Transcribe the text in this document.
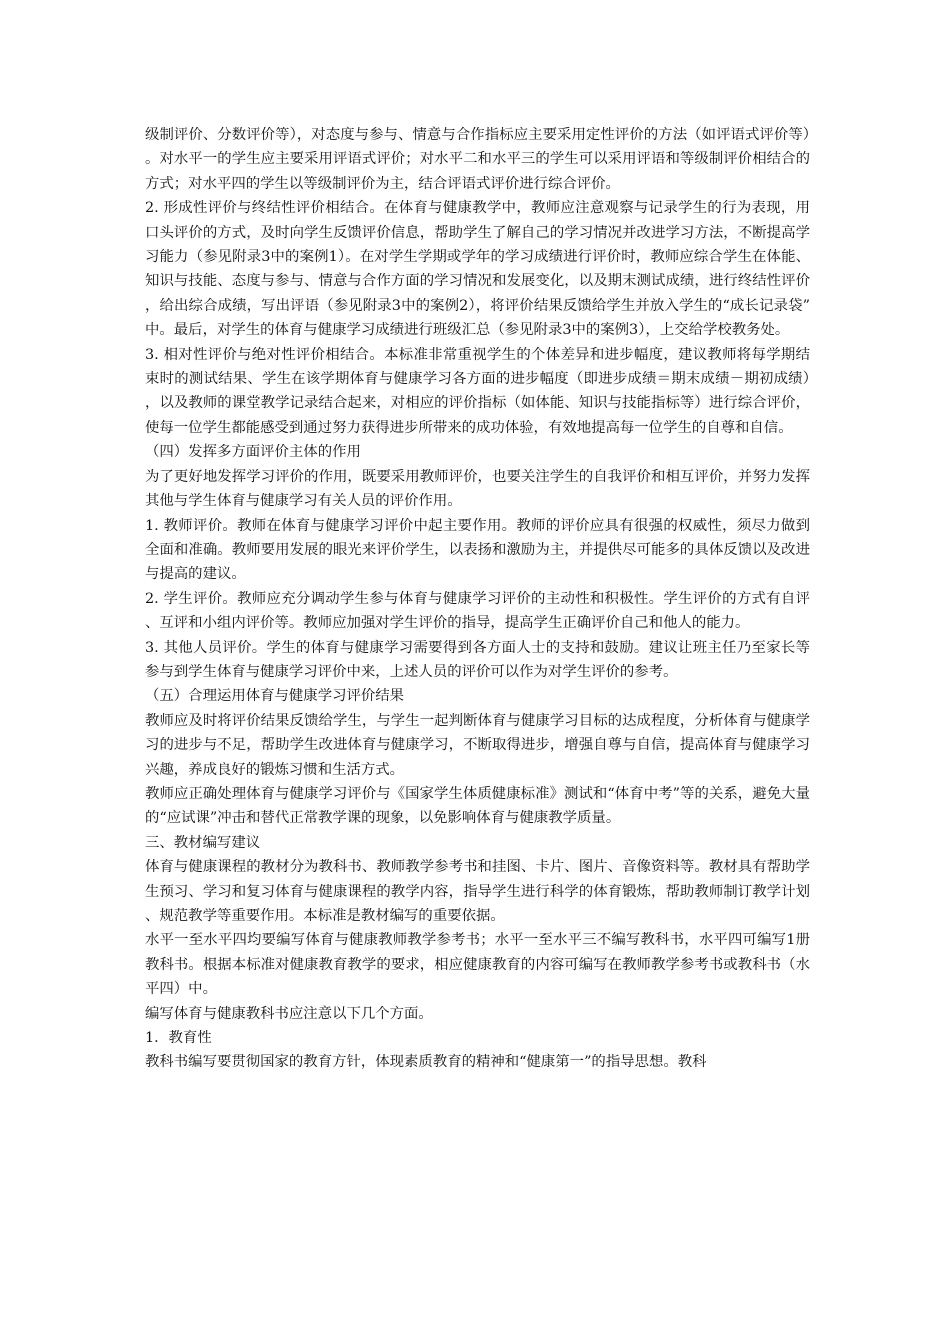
级制评价、分数评价等），对态度与参与、情意与合作指标应主要采用定性评价的方法（如评语式评价等）。对水平一的学生应主要采用评语式评价；对水平二和水平三的学生可以采用评语和等级制评价相结合的方式；对水平四的学生以等级制评价为主，结合评语式评价进行综合评价。

2. 形成性评价与终结性评价相结合。在体育与健康教学中，教师应注意观察与记录学生的行为表现，用口头评价的方式，及时向学生反馈评价信息，帮助学生了解自己的学习情况并改进学习方法，不断提高学习能力（参见附录3中的案例1）。在对学生学期或学年的学习成绩进行评价时，教师应综合学生在体能、知识与技能、态度与参与、情意与合作方面的学习情况和发展变化，以及期末测试成绩，进行终结性评价，给出综合成绩，写出评语（参见附录3中的案例2），将评价结果反馈给学生并放入学生的“成长记录袋”中。最后，对学生的体育与健康学习成绩进行班级汇总（参见附录3中的案例3），上交给学校教务处。

3. 相对性评价与绝对性评价相结合。本标准非常重视学生的个体差异和进步幅度，建议教师将每学期结束时的测试结果、学生在该学期体育与健康学习各方面的进步幅度（即进步成绩＝期末成绩－期初成绩），以及教师的课堂教学记录结合起来，对相应的评价指标（如体能、知识与技能指标等）进行综合评价，使每一位学生都能感受到通过努力获得进步所带来的成功体验，有效地提高每一位学生的自尊和自信。

（四）发挥多方面评价主体的作用

为了更好地发挥学习评价的作用，既要采用教师评价，也要关注学生的自我评价和相互评价，并努力发挥其他与学生体育与健康学习有关人员的评价作用。

1. 教师评价。教师在体育与健康学习评价中起主要作用。教师的评价应具有很强的权威性，须尽力做到全面和准确。教师要用发展的眼光来评价学生，以表扬和激励为主，并提供尽可能多的具体反馈以及改进与提高的建议。

2. 学生评价。教师应充分调动学生参与体育与健康学习评价的主动性和积极性。学生评价的方式有自评、互评和小组内评价等。教师应加强对学生评价的指导，提高学生正确评价自己和他人的能力。

3. 其他人员评价。学生的体育与健康学习需要得到各方面人士的支持和鼓励。建议让班主任乃至家长等参与到学生体育与健康学习评价中来，上述人员的评价可以作为对学生评价的参考。

（五）合理运用体育与健康学习评价结果

教师应及时将评价结果反馈给学生，与学生一起判断体育与健康学习目标的达成程度，分析体育与健康学习的进步与不足，帮助学生改进体育与健康学习，不断取得进步，增强自尊与自信，提高体育与健康学习兴趣，养成良好的锻炼习惯和生活方式。

教师应正确处理体育与健康学习评价与《国家学生体质健康标准》测试和“体育中考”等的关系，避免大量的“应试课”冲击和替代正常教学课的现象，以免影响体育与健康教学质量。

三、教材编写建议

体育与健康课程的教材分为教科书、教师教学参考书和挂图、卡片、图片、音像资料等。教材具有帮助学生预习、学习和复习体育与健康课程的教学内容，指导学生进行科学的体育锻炼，帮助教师制订教学计划、规范教学等重要作用。本标准是教材编写的重要依据。

水平一至水平四均要编写体育与健康教师教学参考书；水平一至水平三不编写教科书，水平四可编写1册教科书。根据本标准对健康教育教学的要求，相应健康教育的内容可编写在教师教学参考书或教科书（水平四）中。

编写体育与健康教科书应注意以下几个方面。

1．教育性

教科书编写要贯彻国家的教育方针，体现素质教育的精神和“健康第一”的指导思想。教科
